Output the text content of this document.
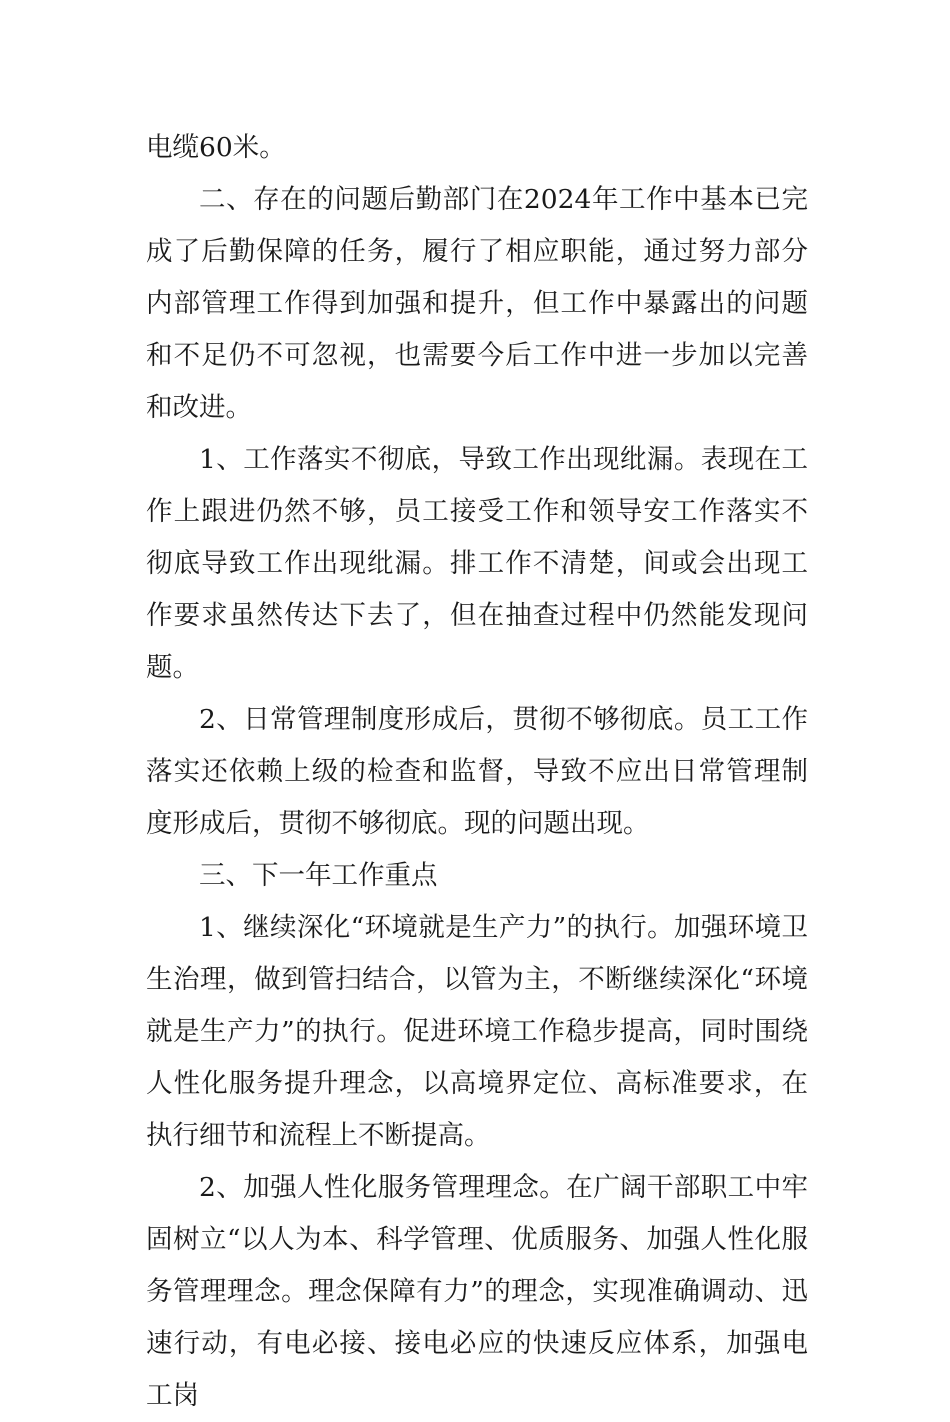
电缆60米。

二、存在的问题后勤部门在2024年工作中基本已完成了后勤保障的任务，履行了相应职能，通过努力部分内部管理工作得到加强和提升，但工作中暴露出的问题和不足仍不可忽视，也需要今后工作中进一步加以完善和改进。

1、工作落实不彻底，导致工作出现纰漏。表现在工作上跟进仍然不够，员工接受工作和领导安工作落实不彻底导致工作出现纰漏。排工作不清楚，间或会出现工作要求虽然传达下去了，但在抽查过程中仍然能发现问题。

2、日常管理制度形成后，贯彻不够彻底。员工工作落实还依赖上级的检查和监督，导致不应出日常管理制度形成后，贯彻不够彻底。现的问题出现。

三、下一年工作重点

1、继续深化“环境就是生产力”的执行。加强环境卫生治理，做到管扫结合，以管为主，不断继续深化“环境就是生产力”的执行。促进环境工作稳步提高，同时围绕人性化服务提升理念，以高境界定位、高标准要求，在执行细节和流程上不断提高。

2、加强人性化服务管理理念。在广阔干部职工中牢固树立“以人为本、科学管理、优质服务、加强人性化服务管理理念。理念保障有力”的理念，实现准确调动、迅速行动，有电必接、接电必应的快速反应体系，加强电工岗
